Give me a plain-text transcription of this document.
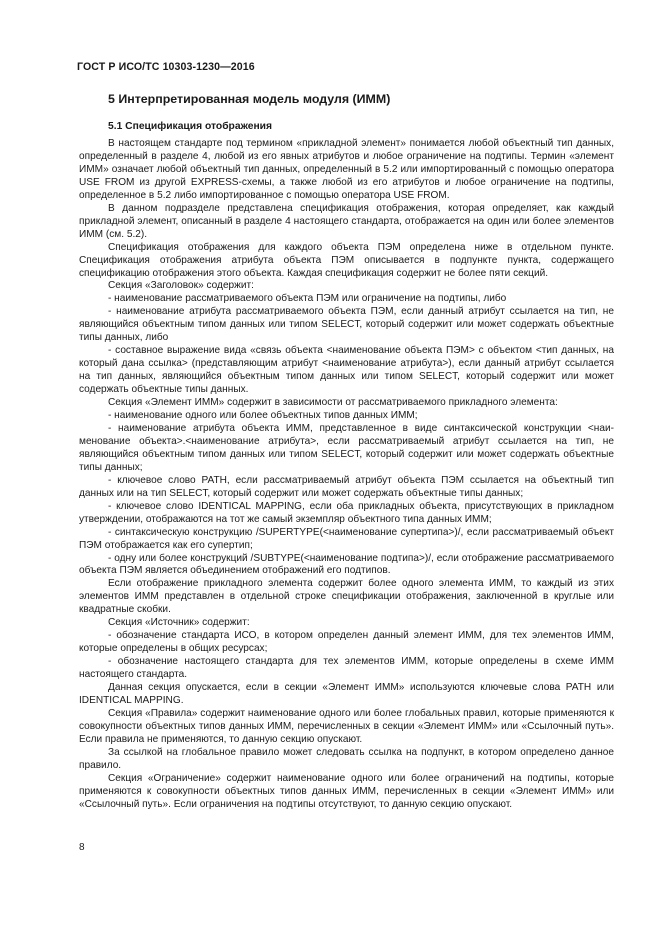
ГОСТ Р ИСО/ТС 10303-1230—2016
5 Интерпретированная модель модуля (ИММ)
5.1 Спецификация отображения

В настоящем стандарте под термином «прикладной элемент» понимается любой объектный тип данных, определенный в разделе 4, любой из его явных атрибутов и любое ограничение на подтипы. Термин «элемент ИММ» означает любой объектный тип данных, определенный в 5.2 или импортированный с помощью оператора USE FROM из другой EXPRESS-схемы, а также любой из его атрибутов и любое ограничение на подтипы, определенное в 5.2 либо импортированное с помощью оператора USE FROM.

В данном подразделе представлена спецификация отображения, которая определяет, как каждый прикладной элемент, описанный в разделе 4 настоящего стандарта, отображается на один или более элементов ИММ (см. 5.2).

Спецификация отображения для каждого объекта ПЭМ определена ниже в отдельном пункте. Спецификация отображения атрибута объекта ПЭМ описывается в подпункте пункта, содержащего спецификацию отображения этого объекта. Каждая спецификация содержит не более пяти секций.

Секция «Заголовок» содержит:

- наименование рассматриваемого объекта ПЭМ или ограничение на подтипы, либо

- наименование атрибута рассматриваемого объекта ПЭМ, если данный атрибут ссылается на тип, не являющийся объектным типом данных или типом SELECT, который содержит или может содержать объектные типы данных, либо

- составное выражение вида «связь объекта <наименование объекта ПЭМ> с объектом <тип данных, на который дана ссылка> (представляющим атрибут <наименование атрибута>), если данный атрибут ссылается на тип данных, являющийся объектным типом данных или типом SELECT, который содержит или может содержать объектные типы данных.

Секция «Элемент ИММ» содержит в зависимости от рассматриваемого прикладного элемента:

- наименование одного или более объектных типов данных ИММ;

- наименование атрибута объекта ИММ, представленное в виде синтаксической конструкции <наименование объекта>.<наименование атрибута>, если рассматриваемый атрибут ссылается на тип, не являющийся объектным типом данных или типом SELECT, который содержит или может содержать объектные типы данных;

- ключевое слово PATH, если рассматриваемый атрибут объекта ПЭМ ссылается на объектный тип данных или на тип SELECT, который содержит или может содержать объектные типы данных;

- ключевое слово IDENTICAL MAPPING, если оба прикладных объекта, присутствующих в прикладном утверждении, отображаются на тот же самый экземпляр объектного типа данных ИММ;

- синтаксическую конструкцию /SUPERTYPE(<наименование супертипа>)/, если рассматриваемый объект ПЭМ отображается как его супертип;

- одну или более конструкций /SUBTYPE(<наименование подтипа>)/, если отображение рассматриваемого объекта ПЭМ является объединением отображений его подтипов.

Если отображение прикладного элемента содержит более одного элемента ИММ, то каждый из этих элементов ИММ представлен в отдельной строке спецификации отображения, заключенной в круглые или квадратные скобки.

Секция «Источник» содержит:

- обозначение стандарта ИСО, в котором определен данный элемент ИММ, для тех элементов ИММ, которые определены в общих ресурсах;

- обозначение настоящего стандарта для тех элементов ИММ, которые определены в схеме ИММ настоящего стандарта.

Данная секция опускается, если в секции «Элемент ИММ» используются ключевые слова PATH или IDENTICAL MAPPING.

Секция «Правила» содержит наименование одного или более глобальных правил, которые применяются к совокупности объектных типов данных ИММ, перечисленных в секции «Элемент ИММ» или «Ссылочный путь». Если правила не применяются, то данную секцию опускают.

За ссылкой на глобальное правило может следовать ссылка на подпункт, в котором определено данное правило.

Секция «Ограничение» содержит наименование одного или более ограничений на подтипы, которые применяются к совокупности объектных типов данных ИММ, перечисленных в секции «Элемент ИММ» или «Ссылочный путь». Если ограничения на подтипы отсутствуют, то данную секцию опускают.

8
